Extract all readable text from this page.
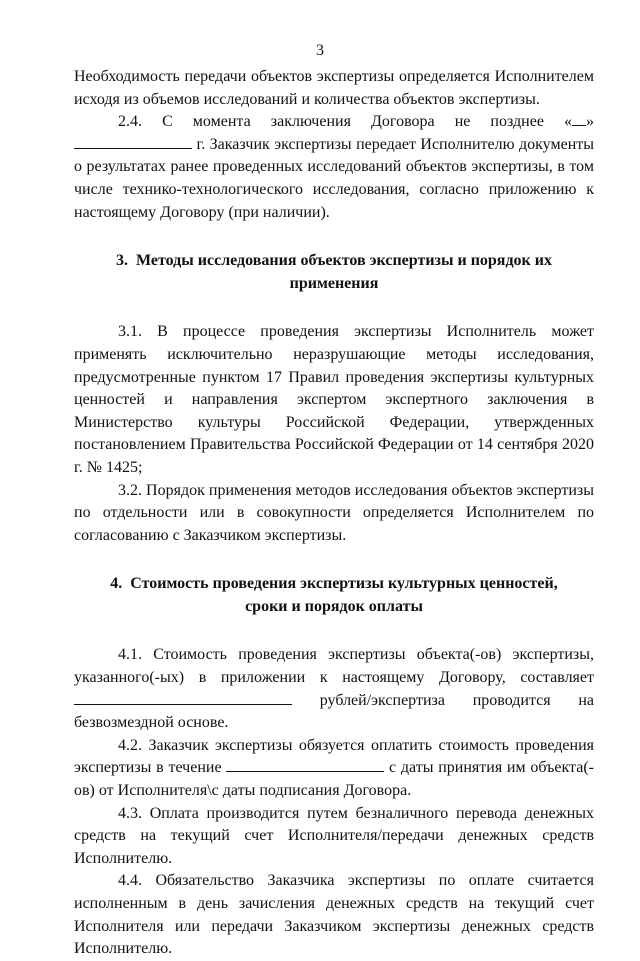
3

Необходимость передачи объектов экспертизы определяется Исполнителем исходя из объемов исследований и количества объектов экспертизы.

2.4. С момента заключения Договора не позднее « » г. Заказчик экспертизы передает Исполнителю документы о результатах ранее проведенных исследований объектов экспертизы, в том числе технико-технологического исследования, согласно приложению к настоящему Договору (при наличии).

3. Методы исследования объектов экспертизы и порядок их применения

3.1. В процессе проведения экспертизы Исполнитель может применять исключительно неразрушающие методы исследования, предусмотренные пунктом 17 Правил проведения экспертизы культурных ценностей и направления экспертом экспертного заключения в Министерство культуры Российской Федерации, утвержденных постановлением Правительства Российской Федерации от 14 сентября 2020 г. № 1425;

3.2. Порядок применения методов исследования объектов экспертизы по отдельности или в совокупности определяется Исполнителем по согласованию с Заказчиком экспертизы.

4. Стоимость проведения экспертизы культурных ценностей,
сроки и порядок оплаты

4.1. Стоимость проведения экспертизы объекта(-ов) экспертизы, указанного(-ых) в приложении к настоящему Договору, составляет  рублей/экспертиза проводится на безвозмездной основе.

4.2. Заказчик экспертизы обязуется оплатить стоимость проведения экспертизы в течение	с даты принятия им объекта(-ов) от Исполнителя\с даты подписания Договора.

4.3. Оплата производится путем безналичного перевода денежных средств на текущий счет Исполнителя/передачи денежных средств Исполнителю.

4.4. Обязательство Заказчика экспертизы по оплате считается исполненным в день зачисления денежных средств на текущий счет Исполнителя или передачи Заказчиком экспертизы денежных средств Исполнителю.
